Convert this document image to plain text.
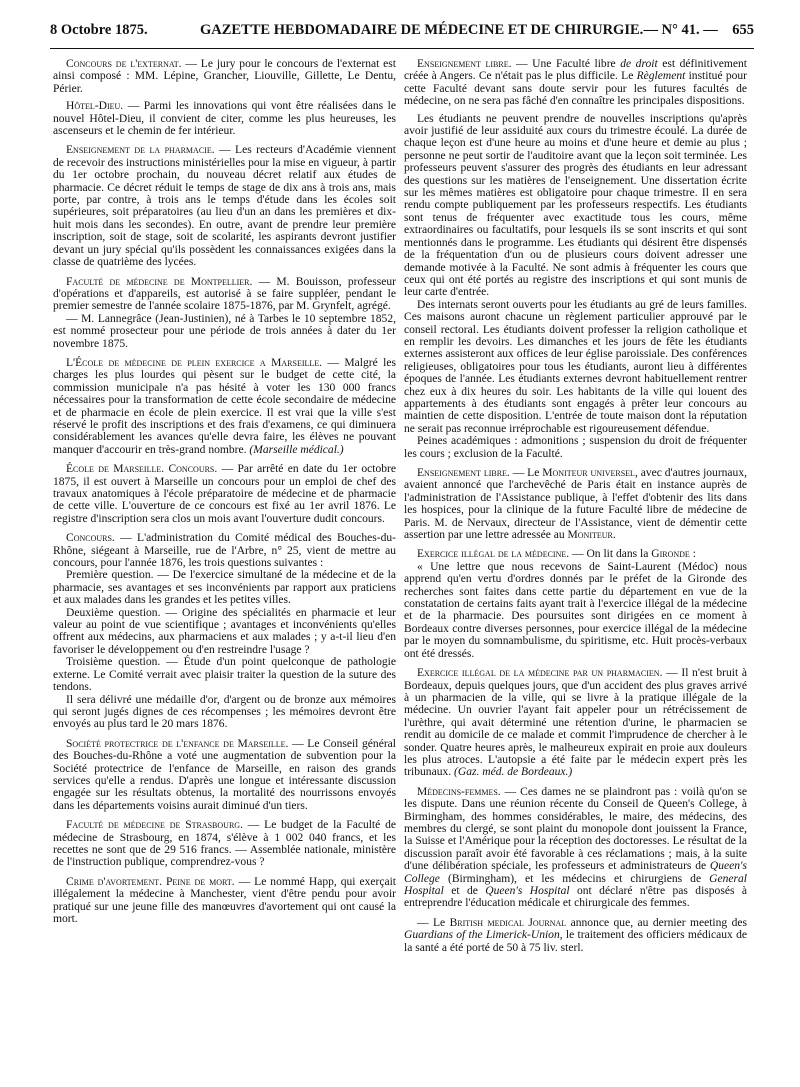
8 Octobre 1875.	GAZETTE HEBDOMADAIRE DE MÉDECINE ET DE CHIRURGIE. — N° 41. — 655

Concours de l'externat. — Le jury pour le concours de l'externat est ainsi composé : MM. Lépine, Grancher, Liouville, Gillette, Le Dentu, Périer.

Hôtel-Dieu. — Parmi les innovations qui vont être réalisées dans le nouvel Hôtel-Dieu, il convient de citer, comme les plus heureuses, les ascenseurs et le chemin de fer intérieur.

Enseignement de la pharmacie. — Les recteurs d'Académie viennent de recevoir des instructions ministérielles pour la mise en vigueur, à partir du 1er octobre prochain, du nouveau décret relatif aux études de pharmacie. Ce décret réduit le temps de stage de dix ans à trois ans, mais porte, par contre, à trois ans le temps d'étude dans les écoles soit supérieures, soit préparatoires (au lieu d'un an dans les premières et dix-huit mois dans les secondes). En outre, avant de prendre leur première inscription, soit de stage, soit de scolarité, les aspirants devront justifier devant un jury spécial qu'ils possèdent les connaissances exigées dans la classe de quatrième des lycées.

Faculté de médecine de Montpellier. — M. Bouisson, professeur d'opérations et d'appareils, est autorisé à se faire suppléer, pendant le premier semestre de l'année scolaire 1875-1876, par M. Grynfelt, agrégé.

— M. Lannegrâce (Jean-Justinien), né à Tarbes le 10 septembre 1852, est nommé prosecteur pour une période de trois années à dater du 1er novembre 1875.

L'École de médecine de plein exercice a Marseille. — Malgré les charges les plus lourdes qui pèsent sur le budget de cette cité, la commission municipale n'a pas hésité à voter les 130 000 francs nécessaires pour la transformation de cette école secondaire de médecine et de pharmacie en école de plein exercice. Il est vrai que la ville s'est réservé le profit des inscriptions et des frais d'examens, ce qui diminuera considérablement les avances qu'elle devra faire, les élèves ne pouvant manquer d'accourir en très-grand nombre. (Marseille médical.)

École de Marseille. Concours. — Par arrêté en date du 1er octobre 1875, il est ouvert à Marseille un concours pour un emploi de chef des travaux anatomiques à l'école préparatoire de médecine et de pharmacie de cette ville. L'ouverture de ce concours est fixé au 1er avril 1876. Le registre d'inscription sera clos un mois avant l'ouverture dudit concours.

Concours. — L'administration du Comité médical des Bouches-du-Rhône, siégeant à Marseille, rue de l'Arbre, n° 25, vient de mettre au concours, pour l'année 1876, les trois questions suivantes :

Première question. — De l'exercice simultané de la médecine et de la pharmacie, ses avantages et ses inconvénients par rapport aux praticiens et aux malades dans les grandes et les petites villes.

Deuxième question. — Origine des spécialités en pharmacie et leur valeur au point de vue scientifique ; avantages et inconvénients qu'elles offrent aux médecins, aux pharmaciens et aux malades ; y a-t-il lieu d'en favoriser le développement ou d'en restreindre l'usage ?

Troisième question. — Étude d'un point quelconque de pathologie externe. Le Comité verrait avec plaisir traiter la question de la suture des tendons.

Il sera délivré une médaille d'or, d'argent ou de bronze aux mémoires qui seront jugés dignes de ces récompenses ; les mémoires devront être envoyés au plus tard le 20 mars 1876.

Société protectrice de l'enfance de Marseille. — Le Conseil général des Bouches-du-Rhône a voté une augmentation de subvention pour la Société protectrice de l'enfance de Marseille, en raison des grands services qu'elle a rendus. D'après une longue et intéressante discussion engagée sur les résultats obtenus, la mortalité des nourrissons envoyés dans les départements voisins aurait diminué d'un tiers.

Faculté de médecine de Strasbourg. — Le budget de la Faculté de médecine de Strasbourg, en 1874, s'élève à 1 002 040 francs, et les recettes ne sont que de 29 516 francs. — Assemblée nationale, ministère de l'instruction publique, comprendrez-vous ?

Crime d'avortement. Peine de mort. — Le nommé Happ, qui exerçait illégalement la médecine à Manchester, vient d'être pendu pour avoir pratiqué sur une jeune fille des manœuvres d'avortement qui ont causé la mort.

Enseignement libre. — Une Faculté libre de droit est définitivement créée à Angers. Ce n'était pas le plus difficile. Le Règlement institué pour cette Faculté devant sans doute servir pour les futures facultés de médecine, on ne sera pas fâché d'en connaître les principales dispositions.

Les étudiants ne peuvent prendre de nouvelles inscriptions qu'après avoir justifié de leur assiduité aux cours du trimestre écoulé. La durée de chaque leçon est d'une heure au moins et d'une heure et demie au plus ; personne ne peut sortir de l'auditoire avant que la leçon soit terminée. Les professeurs peuvent s'assurer des progrès des étudiants en leur adressant des questions sur les matières de l'enseignement. Une dissertation écrite sur les mêmes matières est obligatoire pour chaque trimestre. Il en sera rendu compte publiquement par les professeurs respectifs. Les étudiants sont tenus de fréquenter avec exactitude tous les cours, même extraordinaires ou facultatifs, pour lesquels ils se sont inscrits et qui sont mentionnés dans le programme. Les étudiants qui désirent être dispensés de la fréquentation d'un ou de plusieurs cours doivent adresser une demande motivée à la Faculté. Ne sont admis à fréquenter les cours que ceux qui ont été portés au registre des inscriptions et qui sont munis de leur carte d'entrée.

Des internats seront ouverts pour les étudiants au gré de leurs familles. Ces maisons auront chacune un règlement particulier approuvé par le conseil rectoral. Les étudiants doivent professer la religion catholique et en remplir les devoirs. Les dimanches et les jours de fête les étudiants externes assisteront aux offices de leur église paroissiale. Des conférences religieuses, obligatoires pour tous les étudiants, auront lieu à différentes époques de l'année. Les étudiants externes devront habituellement rentrer chez eux à dix heures du soir. Les habitants de la ville qui louent des appartements à des étudiants sont engagés à prêter leur concours au maintien de cette disposition. L'entrée de toute maison dont la réputation ne serait pas reconnue irréprochable est rigoureusement défendue.

Peines académiques : admonitions ; suspension du droit de fréquenter les cours ; exclusion de la Faculté.

Enseignement libre. — Le Moniteur universel, avec d'autres journaux, avaient annoncé que l'archevêché de Paris était en instance auprès de l'administration de l'Assistance publique, à l'effet d'obtenir des lits dans les hospices, pour la clinique de la future Faculté libre de médecine de Paris. M. de Nervaux, directeur de l'Assistance, vient de démentir cette assertion par une lettre adressée au Moniteur.

Exercice illégal de la médecine. — On lit dans la Gironde :

« Une lettre que nous recevons de Saint-Laurent (Médoc) nous apprend qu'en vertu d'ordres donnés par le préfet de la Gironde des recherches sont faites dans cette partie du département en vue de la constatation de certains faits ayant trait à l'exercice illégal de la médecine et de la pharmacie. Des poursuites sont dirigées en ce moment à Bordeaux contre diverses personnes, pour exercice illégal de la médecine par le moyen du somnambulisme, du spiritisme, etc. Huit procès-verbaux ont été dressés.

Exercice illégal de la médecine par un pharmacien. — Il n'est bruit à Bordeaux, depuis quelques jours, que d'un accident des plus graves arrivé à un pharmacien de la ville, qui se livre à la pratique illégale de la médecine. Un ouvrier l'ayant fait appeler pour un rétrécissement de l'urèthre, qui avait déterminé une rétention d'urine, le pharmacien se rendit au domicile de ce malade et commit l'imprudence de chercher à le sonder. Quatre heures après, le malheureux expirait en proie aux douleurs les plus atroces. L'autopsie a été faite par le médecin expert près les tribunaux. (Gaz. méd. de Bordeaux.)

Médecins-femmes. — Ces dames ne se plaindront pas : voilà qu'on se les dispute. Dans une réunion récente du Conseil de Queen's College, à Birmingham, des hommes considérables, le maire, des médecins, des membres du clergé, se sont plaint du monopole dont jouissent la France, la Suisse et l'Amérique pour la réception des doctoresses. Le résultat de la discussion paraît avoir été favorable à ces réclamations ; mais, à la suite d'une délibération spéciale, les professeurs et administrateurs de Queen's College (Birmingham), et les médecins et chirurgiens de General Hospital et de Queen's Hospital ont déclaré n'être pas disposés à entreprendre l'éducation médicale et chirurgicale des femmes.

— Le British medical Journal annonce que, au dernier meeting des Guardians of the Limerick-Union, le traitement des officiers médicaux de la santé a été porté de 50 à 75 liv. sterl.
